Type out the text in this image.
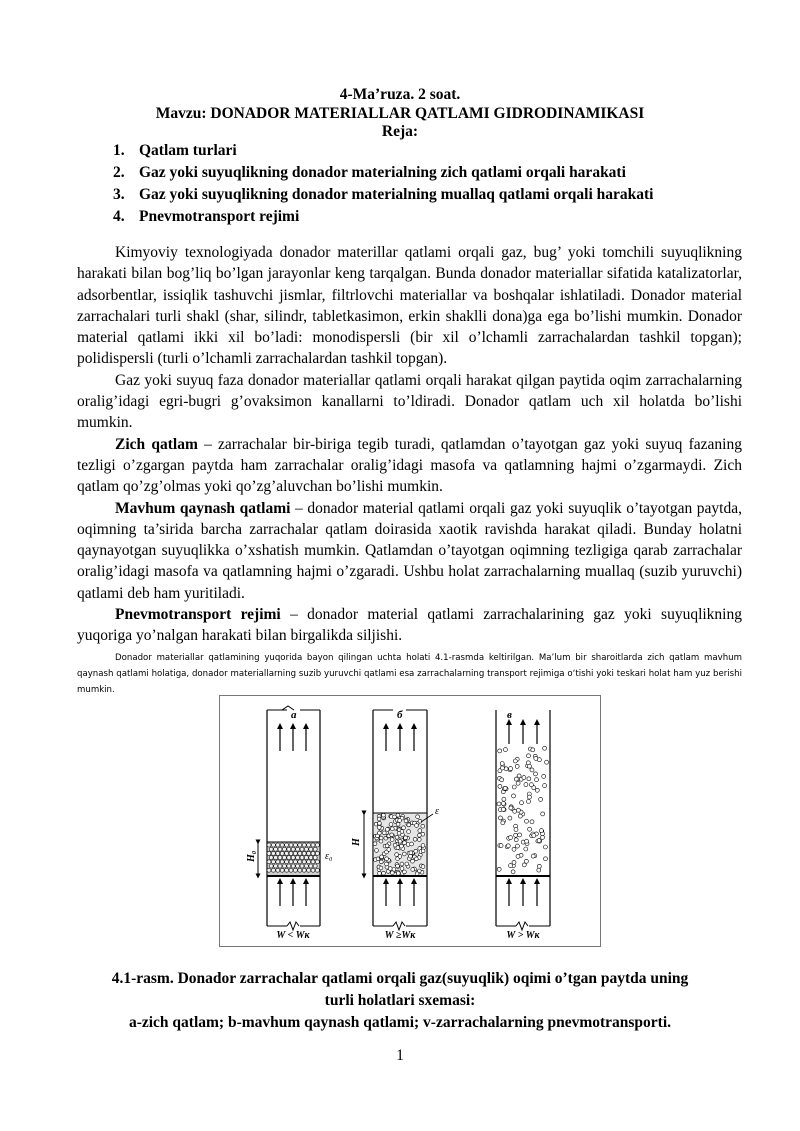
4-Ma’ruza. 2 soat.
Mavzu: DONADOR MATERIALLAR QATLAMI GIDRODINAMIKASI
Reja:
1. Qatlam turlari
2. Gaz yoki suyuqlikning donador materialning zich qatlami orqali harakati
3. Gaz yoki suyuqlikning donador materialning muallaq qatlami orqali harakati
4. Pnevmotransport rejimi

Kimyoviy texnologiyada donador materillar qatlami orqali gaz, bug’ yoki tomchili suyuqlikning harakati bilan bog’liq bo’lgan jarayonlar keng tarqalgan. Bunda donador materiallar sifatida katalizatorlar, adsorbentlar, issiqlik tashuvchi jismlar, filtrlovchi materiallar va boshqalar ishlatiladi. Donador material zarrachalari turli shakl (shar, silindr, tabletkasimon, erkin shaklli dona)ga ega bo’lishi mumkin. Donador material qatlami ikki xil bo’ladi: monodispersli (bir xil o’lchamli zarrachalardan tashkil topgan); polidispersli (turli o’lchamli zarrachalardan tashkil topgan).

Gaz yoki suyuq faza donador materiallar qatlami orqali harakat qilgan paytida oqim zarrachalarning oralig’idagi egri-bugri g’ovaksimon kanallarni to’ldiradi. Donador qatlam uch xil holatda bo’lishi mumkin.

Zich qatlam – zarrachalar bir-biriga tegib turadi, qatlamdan o’tayotgan gaz yoki suyuq fazaning tezligi o’zgargan paytda ham zarrachalar oralig’idagi masofa va qatlamning hajmi o’zgarmaydi. Zich qatlam qo’zg’olmas yoki qo’zg’aluvchan bo’lishi mumkin.

Mavhum qaynash qatlami – donador material qatlami orqali gaz yoki suyuqlik o’tayotgan paytda, oqimning ta’sirida barcha zarrachalar qatlam doirasida xaotik ravishda harakat qiladi. Bunday holatni qaynayotgan suyuqlikka o’xshatish mumkin. Qatlamdan o’tayotgan oqimning tezligiga qarab zarrachalar oralig’idagi masofa va qatlamning hajmi o’zgaradi. Ushbu holat zarrachalarning muallaq (suzib yuruvchi) qatlami deb ham yuritiladi.

Pnevmotransport rejimi – donador material qatlami zarrachalarining gaz yoki suyuqlikning yuqoriga yo’nalgan harakati bilan birgalikda siljishi.

Donador materiallar qatlamining yuqorida bayon qilingan uchta holati 4.1-rasmda keltirilgan. Ma’lum bir sharoitlarda zich qatlam mavhum qaynash qatlami holatiga, donador materiallarning suzib yuruvchi qatlami esa zarrachalarning transport rejimiga o‘tishi yoki teskari holat ham yuz berishi mumkin.
а
H₀	ε₀
W < Wк
б
H
ε
W ≥Wк
в
W > Wк
4.1-rasm. Donador zarrachalar qatlami orqali gaz(suyuqlik) oqimi o’tgan paytda uning
turli holatlari sxemasi:
a-zich qatlam; b-mavhum qaynash qatlami; v-zarrachalarning pnevmotransporti.
1
